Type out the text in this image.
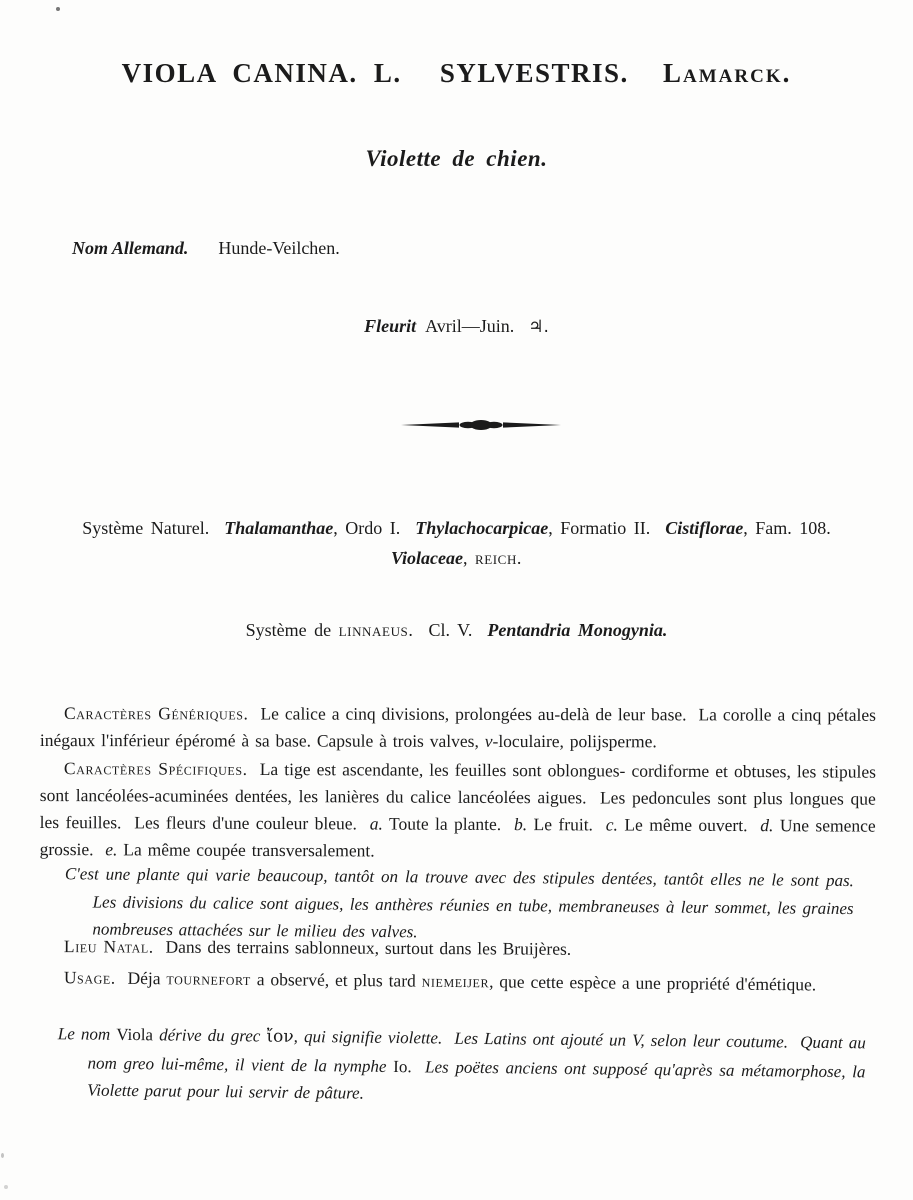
VIOLA CANINA. L. SYLVESTRIS. Lamarck.
Violette de chien.
Nom Allemand. Hunde-Veilchen.
Fleurit Avril—Juin. ♃.
Système Naturel.  Thalamanthae, Ordo I.  Thylachocarpicae, Formatio II.  Cistiflorae, Fam. 108.
Violaceae, reich.
Système de linnaeus.  Cl. V.  Pentandria Monogynia.

Caractères Génériques.  Le calice a cinq divisions, prolongées au-delà de leur base.  La corolle a cinq pétales inégaux l'inférieur épéromé à sa base. Capsule à trois valves, ν-loculaire, polijsperme.

Caractères Spécifiques.  La tige est ascendante, les feuilles sont oblongues- cordiforme et obtuses, les stipules sont lancéolées-acuminées dentées, les lanières du calice lancéolées aigues.  Les pedoncules sont plus longues que les feuilles.  Les fleurs d'une couleur bleue.  a. Toute la plante.  b. Le fruit.  c. Le même ouvert.  d. Une semence grossie.  e. La même coupée transversalement.

C'est une plante qui varie beaucoup, tantôt on la trouve avec des stipules dentées, tantôt elles ne le sont pas.  Les divisions du calice sont aigues, les anthères réunies en tube, membraneuses à leur sommet, les graines nombreuses attachées sur le milieu des valves.

Lieu Natal.  Dans des terrains sablonneux, surtout dans les Bruijères.

Usage.  Déja tournefort a observé, et plus tard niemeijer, que cette espèce a une propriété d'émétique.

Le nom Viola dérive du grec ἴον, qui signifie violette.  Les Latins ont ajouté un V, selon leur coutume.  Quant au nom greo lui-même, il vient de la nymphe Io.  Les poëtes anciens ont supposé qu'après sa métamorphose, la Violette parut pour lui servir de pâture.
